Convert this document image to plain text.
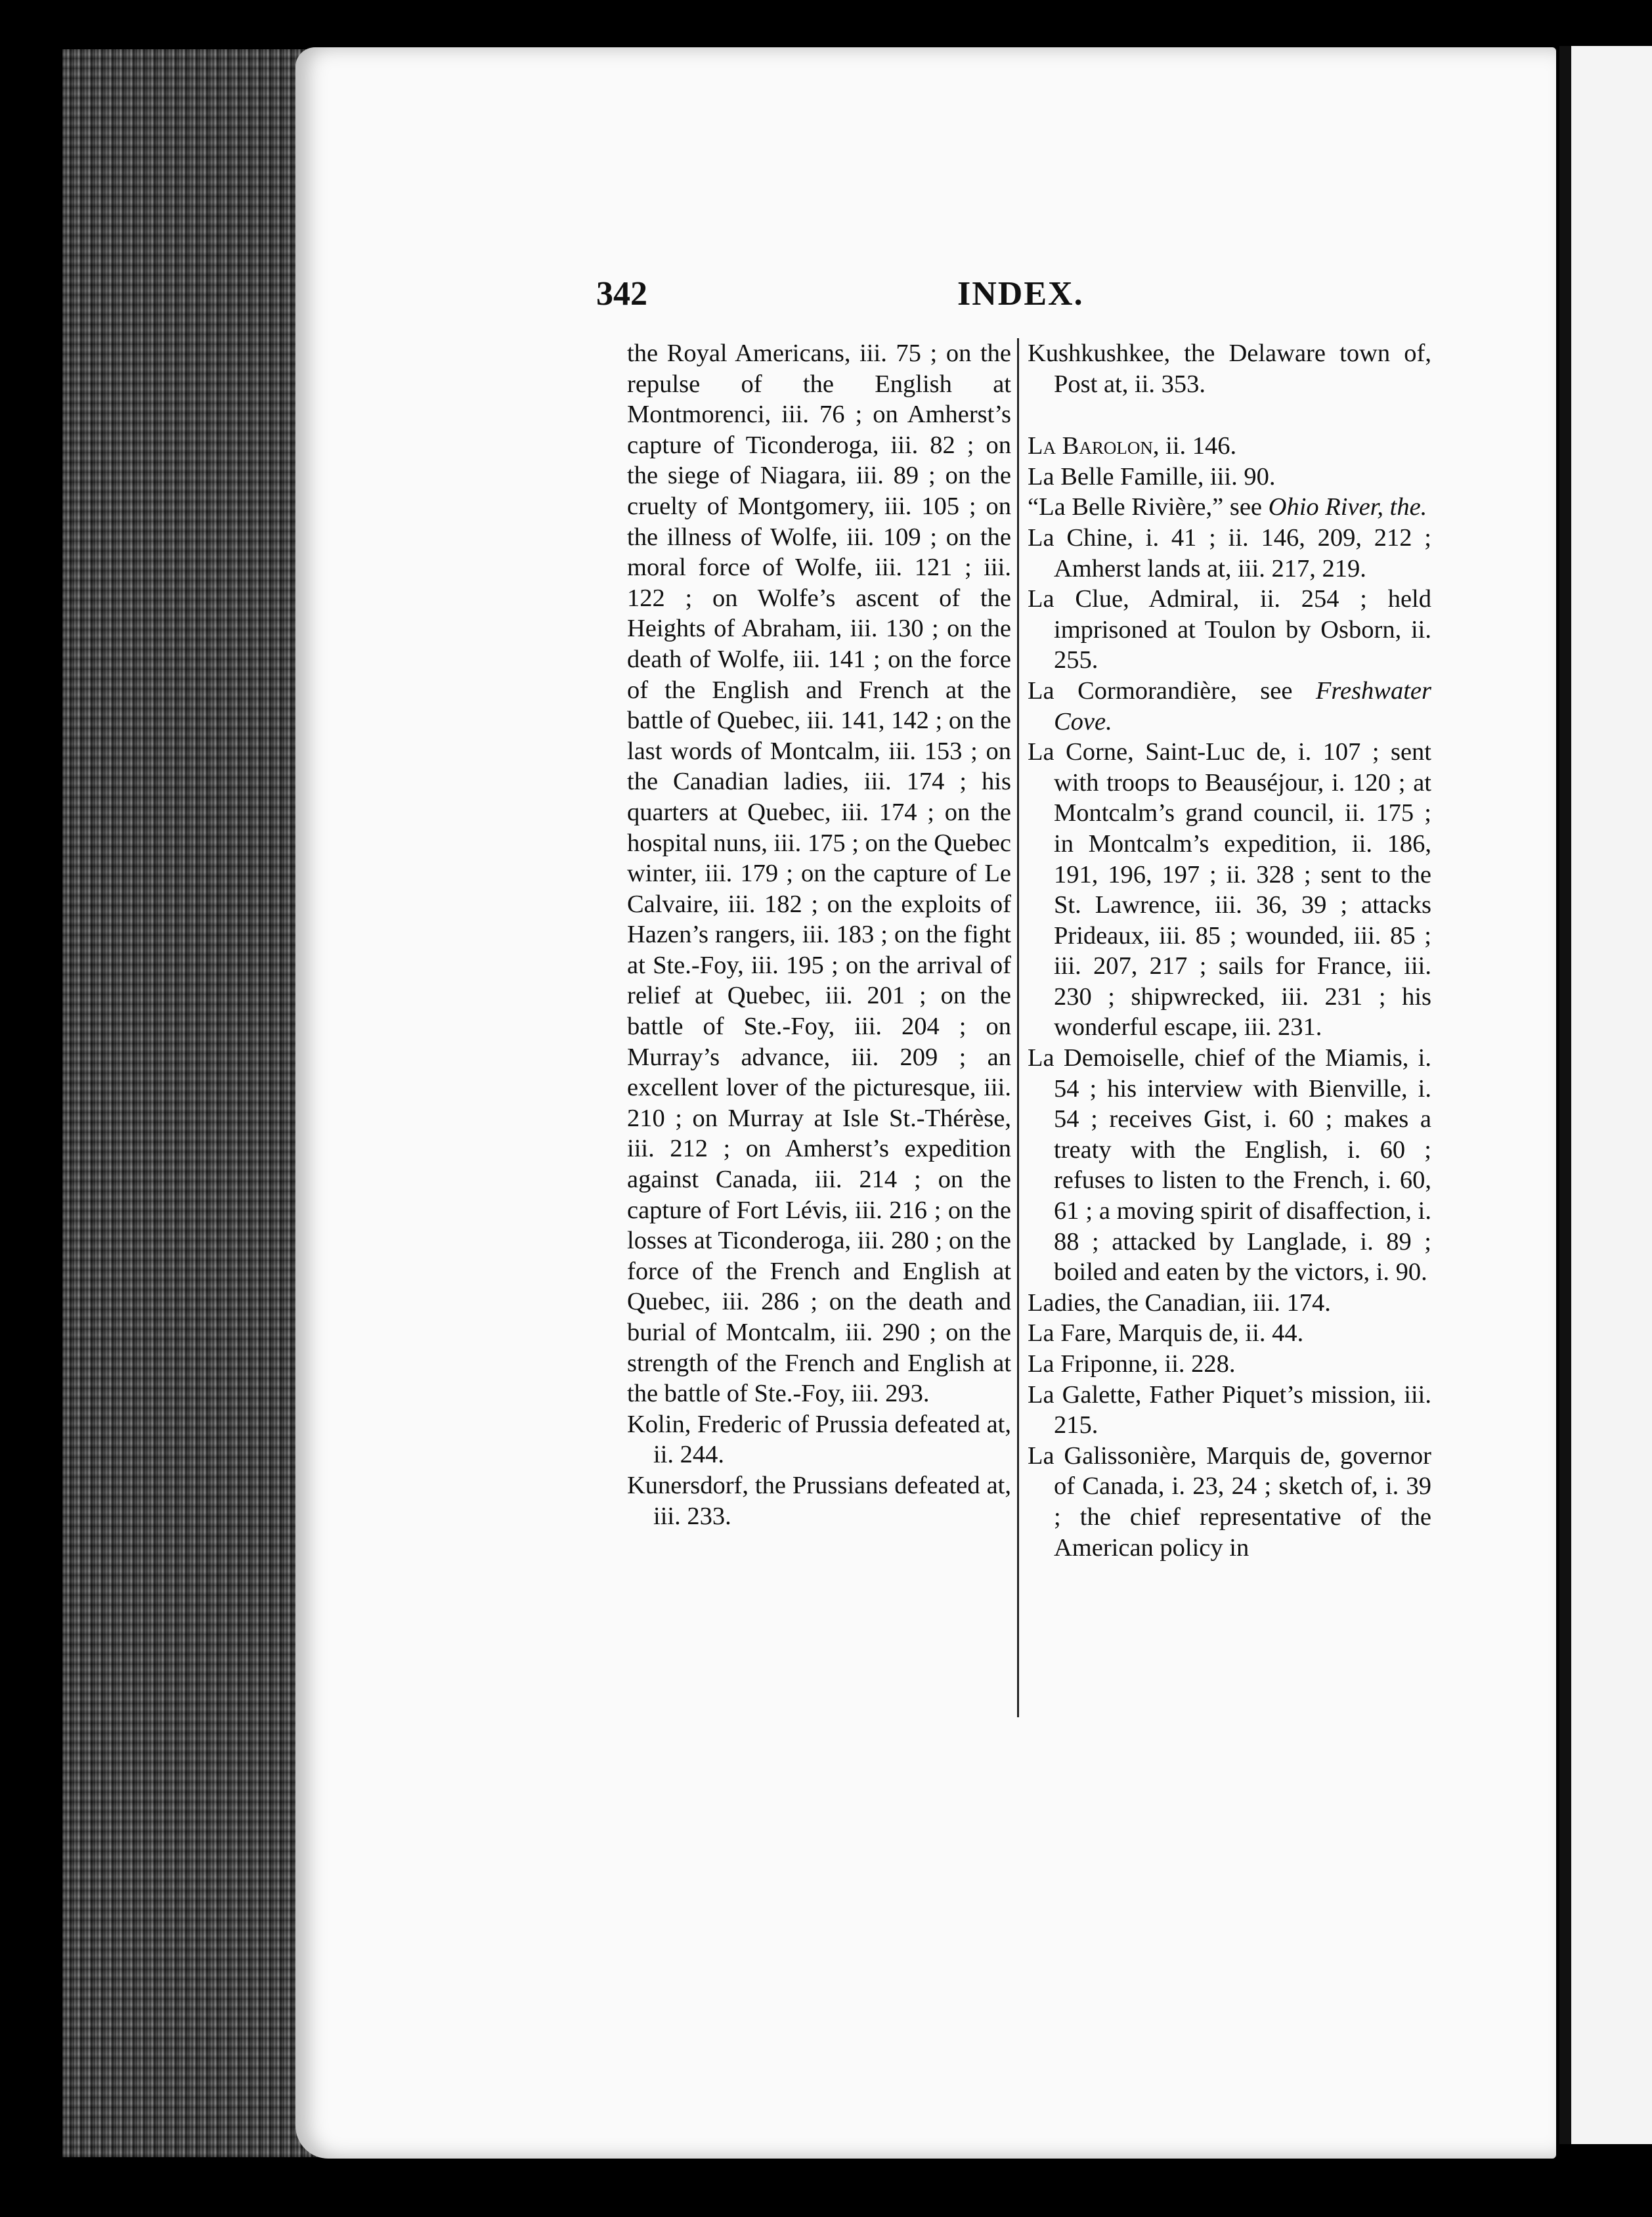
342	INDEX.

the Royal Americans, iii. 75 ; on the repulse of the English at Montmorenci, iii. 76 ; on Amherst’s capture of Ticonderoga, iii. 82 ; on the siege of Niagara, iii. 89 ; on the cruelty of Montgomery, iii. 105 ; on the illness of Wolfe, iii. 109 ; on the moral force of Wolfe, iii. 121 ; iii. 122 ; on Wolfe’s ascent of the Heights of Abraham, iii. 130 ; on the death of Wolfe, iii. 141 ; on the force of the English and French at the battle of Quebec, iii. 141, 142 ; on the last words of Montcalm, iii. 153 ; on the Canadian ladies, iii. 174 ; his quarters at Quebec, iii. 174 ; on the hospital nuns, iii. 175 ; on the Quebec winter, iii. 179 ; on the capture of Le Calvaire, iii. 182 ; on the exploits of Hazen’s rangers, iii. 183 ; on the fight at Ste.-Foy, iii. 195 ; on the arrival of relief at Quebec, iii. 201 ; on the battle of Ste.-Foy, iii. 204 ; on Murray’s advance, iii. 209 ; an excellent lover of the picturesque, iii. 210 ; on Murray at Isle St.-Thérèse, iii. 212 ; on Amherst’s expedition against Canada, iii. 214 ; on the capture of Fort Lévis, iii. 216 ; on the losses at Ticonderoga, iii. 280 ; on the force of the French and English at Quebec, iii. 286 ; on the death and burial of Montcalm, iii. 290 ; on the strength of the French and English at the battle of Ste.-Foy, iii. 293.

Kolin, Frederic of Prussia defeated at, ii. 244.

Kunersdorf, the Prussians defeated at, iii. 233.

Kushkushkee, the Delaware town of, Post at, ii. 353.

La Barolon, ii. 146.

La Belle Famille, iii. 90.

“La Belle Rivière,” see Ohio River, the.

La Chine, i. 41 ; ii. 146, 209, 212 ; Amherst lands at, iii. 217, 219.

La Clue, Admiral, ii. 254 ; held imprisoned at Toulon by Osborn, ii. 255.

La Cormorandière, see Freshwater Cove.

La Corne, Saint-Luc de, i. 107 ; sent with troops to Beauséjour, i. 120 ; at Montcalm’s grand council, ii. 175 ; in Montcalm’s expedition, ii. 186, 191, 196, 197 ; ii. 328 ; sent to the St. Lawrence, iii. 36, 39 ; attacks Prideaux, iii. 85 ; wounded, iii. 85 ; iii. 207, 217 ; sails for France, iii. 230 ; shipwrecked, iii. 231 ; his wonderful escape, iii. 231.

La Demoiselle, chief of the Miamis, i. 54 ; his interview with Bienville, i. 54 ; receives Gist, i. 60 ; makes a treaty with the English, i. 60 ; refuses to listen to the French, i. 60, 61 ; a moving spirit of disaffection, i. 88 ; attacked by Langlade, i. 89 ; boiled and eaten by the victors, i. 90.

Ladies, the Canadian, iii. 174.

La Fare, Marquis de, ii. 44.

La Friponne, ii. 228.

La Galette, Father Piquet’s mission, iii. 215.

La Galissonière, Marquis de, governor of Canada, i. 23, 24 ; sketch of, i. 39 ; the chief representative of the American policy in
